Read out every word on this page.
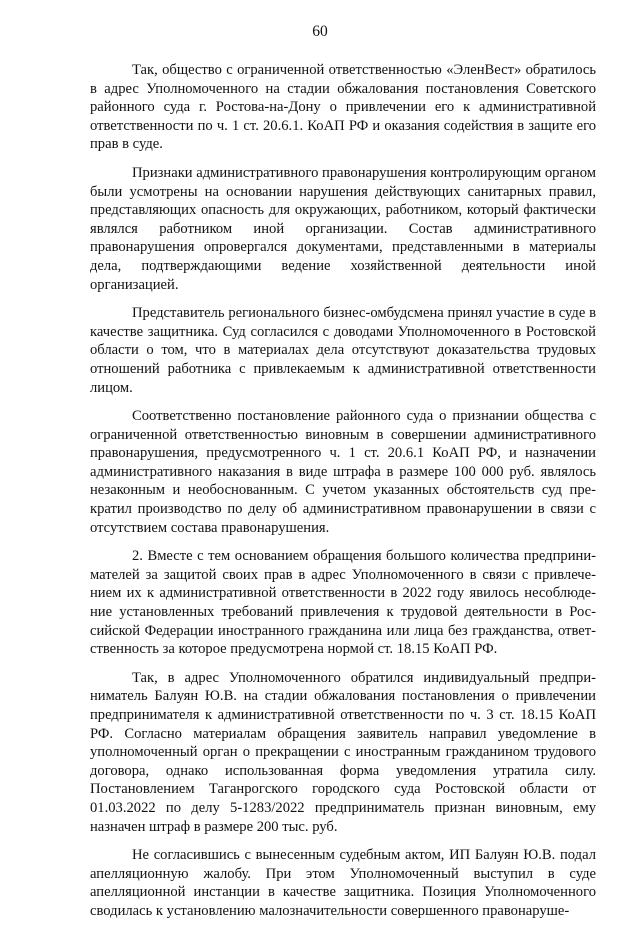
60

Так, общество с ограниченной ответственностью «ЭленВест» обратилось в адрес Уполномоченного на стадии обжалования постановления Советского районного суда г. Ростова-на-Дону о привлечении его к административной ответственности по ч. 1 ст. 20.6.1. КоАП РФ и оказания содействия в защите его прав в суде.

Признаки административного правонарушения контролирующим органом были усмотрены на основании нарушения действующих санитарных правил, представляющих опасность для окружающих, работником, который фактически являлся работником иной организации. Состав административного правонарушения опровергался документами, представленными в материалы дела, подтверждающими ведение хозяйственной деятельности иной организацией.

Представитель регионального бизнес-омбудсмена принял участие в суде в качестве защитника. Суд согласился с доводами Уполномоченного в Ростовской области о том, что в материалах дела отсутствуют доказательства трудовых отношений работника с привлекаемым к административной ответственности лицом.

Соответственно постановление районного суда о признании общества с ограниченной ответственностью виновным в совершении административного правонарушения, предусмотренного ч. 1 ст. 20.6.1 КоАП РФ, и назначении административного наказания в виде штрафа в размере 100 000 руб. являлось незаконным и необоснованным. С учетом указанных обстоятельств суд прекратил производство по делу об административном правонарушении в связи с отсутствием состава правонарушения.

2. Вместе с тем основанием обращения большого количества предпринимателей за защитой своих прав в адрес Уполномоченного в связи с привлечением их к административной ответственности в 2022 году явилось несоблюдение установленных требований привлечения к трудовой деятельности в Российской Федерации иностранного гражданина или лица без гражданства, ответственность за которое предусмотрена нормой ст. 18.15 КоАП РФ.

Так, в адрес Уполномоченного обратился индивидуальный предприниматель Балуян Ю.В. на стадии обжалования постановления о привлечении предпринимателя к административной ответственности по ч. 3 ст. 18.15 КоАП РФ. Согласно материалам обращения заявитель направил уведомление в уполномоченный орган о прекращении с иностранным гражданином трудового договора, однако использованная форма уведомления утратила силу. Постановлением Таганрогского городского суда Ростовской области от 01.03.2022 по делу 5-1283/2022 предприниматель признан виновным, ему назначен штраф в размере 200 тыс. руб.

Не согласившись с вынесенным судебным актом, ИП Балуян Ю.В. подал апелляционную жалобу. При этом Уполномоченный выступил в суде апелляционной инстанции в качестве защитника. Позиция Уполномоченного сводилась к установлению малозначительности совершенного правонаруше-
